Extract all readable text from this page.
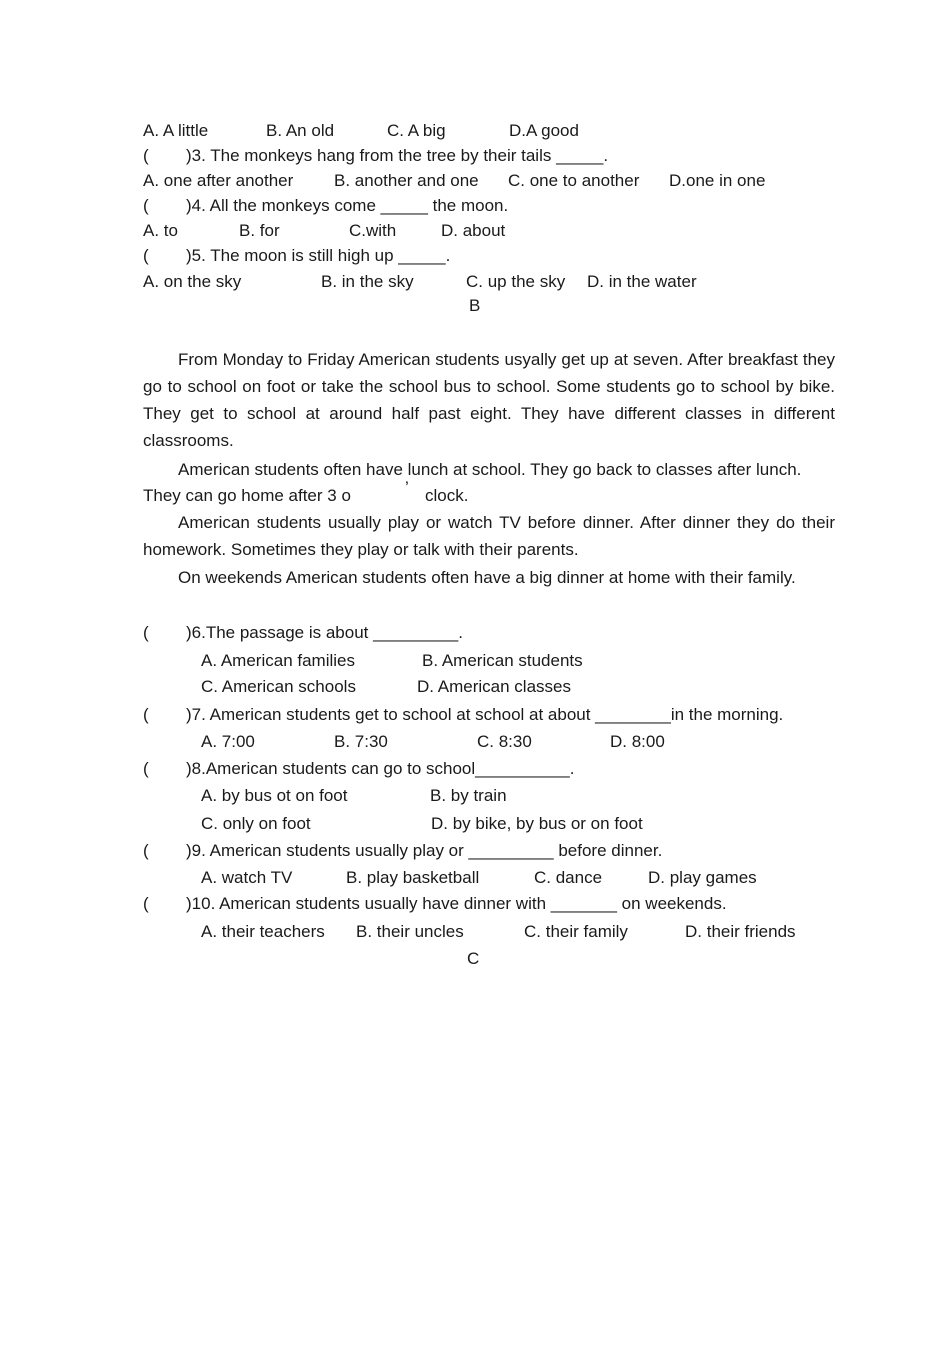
A. A little	B. An old	C. A big	D.A good
( )3. The monkeys hang from the tree by their tails _____.
A. one after another B. another and one C. one to another D.one in one
( )4. All the monkeys come _____ the moon.
A. to	B. for	C.with	D. about
( )5. The moon is still high up _____.
A. on the sky	B. in the sky	C. up the sky D. in the water
B
From Monday to Friday American students usyally get up at seven. After breakfast they go to school on foot or take the school bus to school. Some students go to school by bike. They get to school at around half past eight. They have different classes in different classrooms.
American students often have lunch at school. They go back to classes after lunch.
They can go home after 3 o	’ clock.
American students usually play or watch TV before dinner. After dinner they do their homework. Sometimes they play or talk with their parents.
On weekends American students often have a big dinner at home with their family.
( )6.The passage is about _________.
A. American families	B. American students
C. American schools	D. American classes
( )7. American students get to school at school at about ________in the morning.
A. 7:00	B. 7:30	C. 8:30	D. 8:00
( )8.American students can go to school__________.
A. by bus ot on foot	B. by train
C. only on foot	D. by bike, by bus or on foot
( )9. American students usually play or _________ before dinner.
A. watch TV	B. play basketball	C. dance	D. play games
( )10. American students usually have dinner with _______ on weekends.
A. their teachers B. their uncles	C. their family	D. their friends
C
